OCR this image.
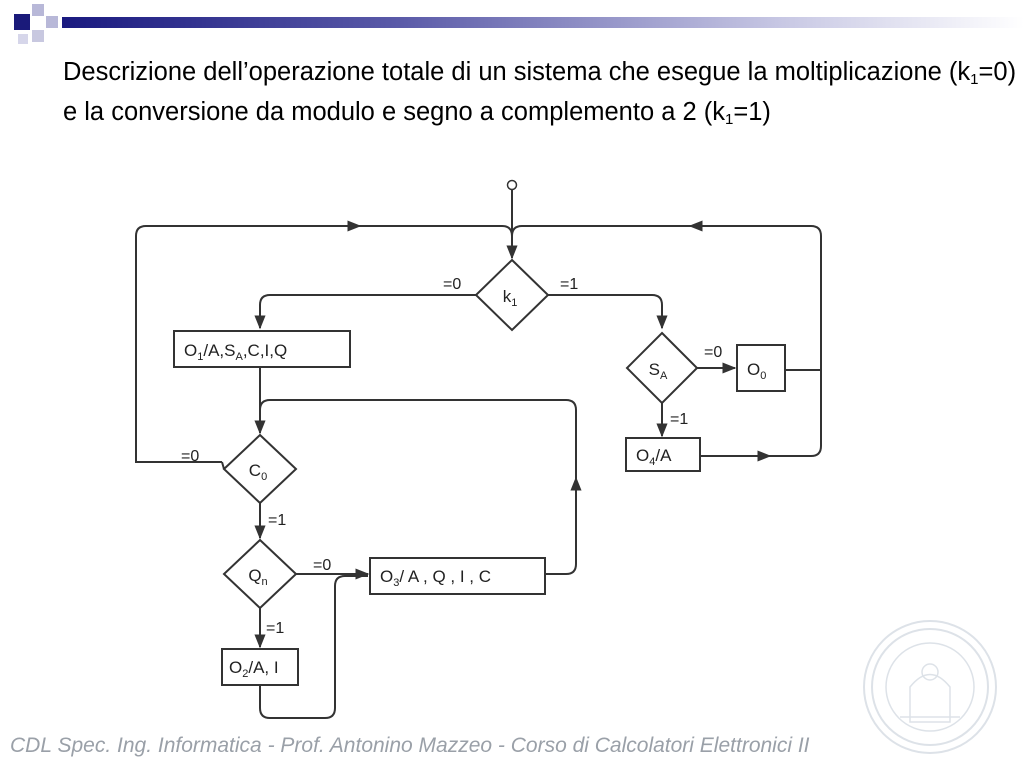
Descrizione dell’operazione totale di un sistema che esegue la moltiplicazione $(k_1=0)$ e la conversione da modulo e segno a complemento a 2 $(k_1=1)$
$k_1$
$S_A$
$C_0$
$Q_n$
$O_1/A,S_A,C,I,Q$
$O_0$
$O_4/A$
$O_3/$ A , Q , I , C
$O_2/A$, I
=0	=1
=0
=1
=0
=1
=0
=1
CDL Spec. Ing. Informatica - Prof. Antonino Mazzeo - Corso di Calcolatori Elettronici II
